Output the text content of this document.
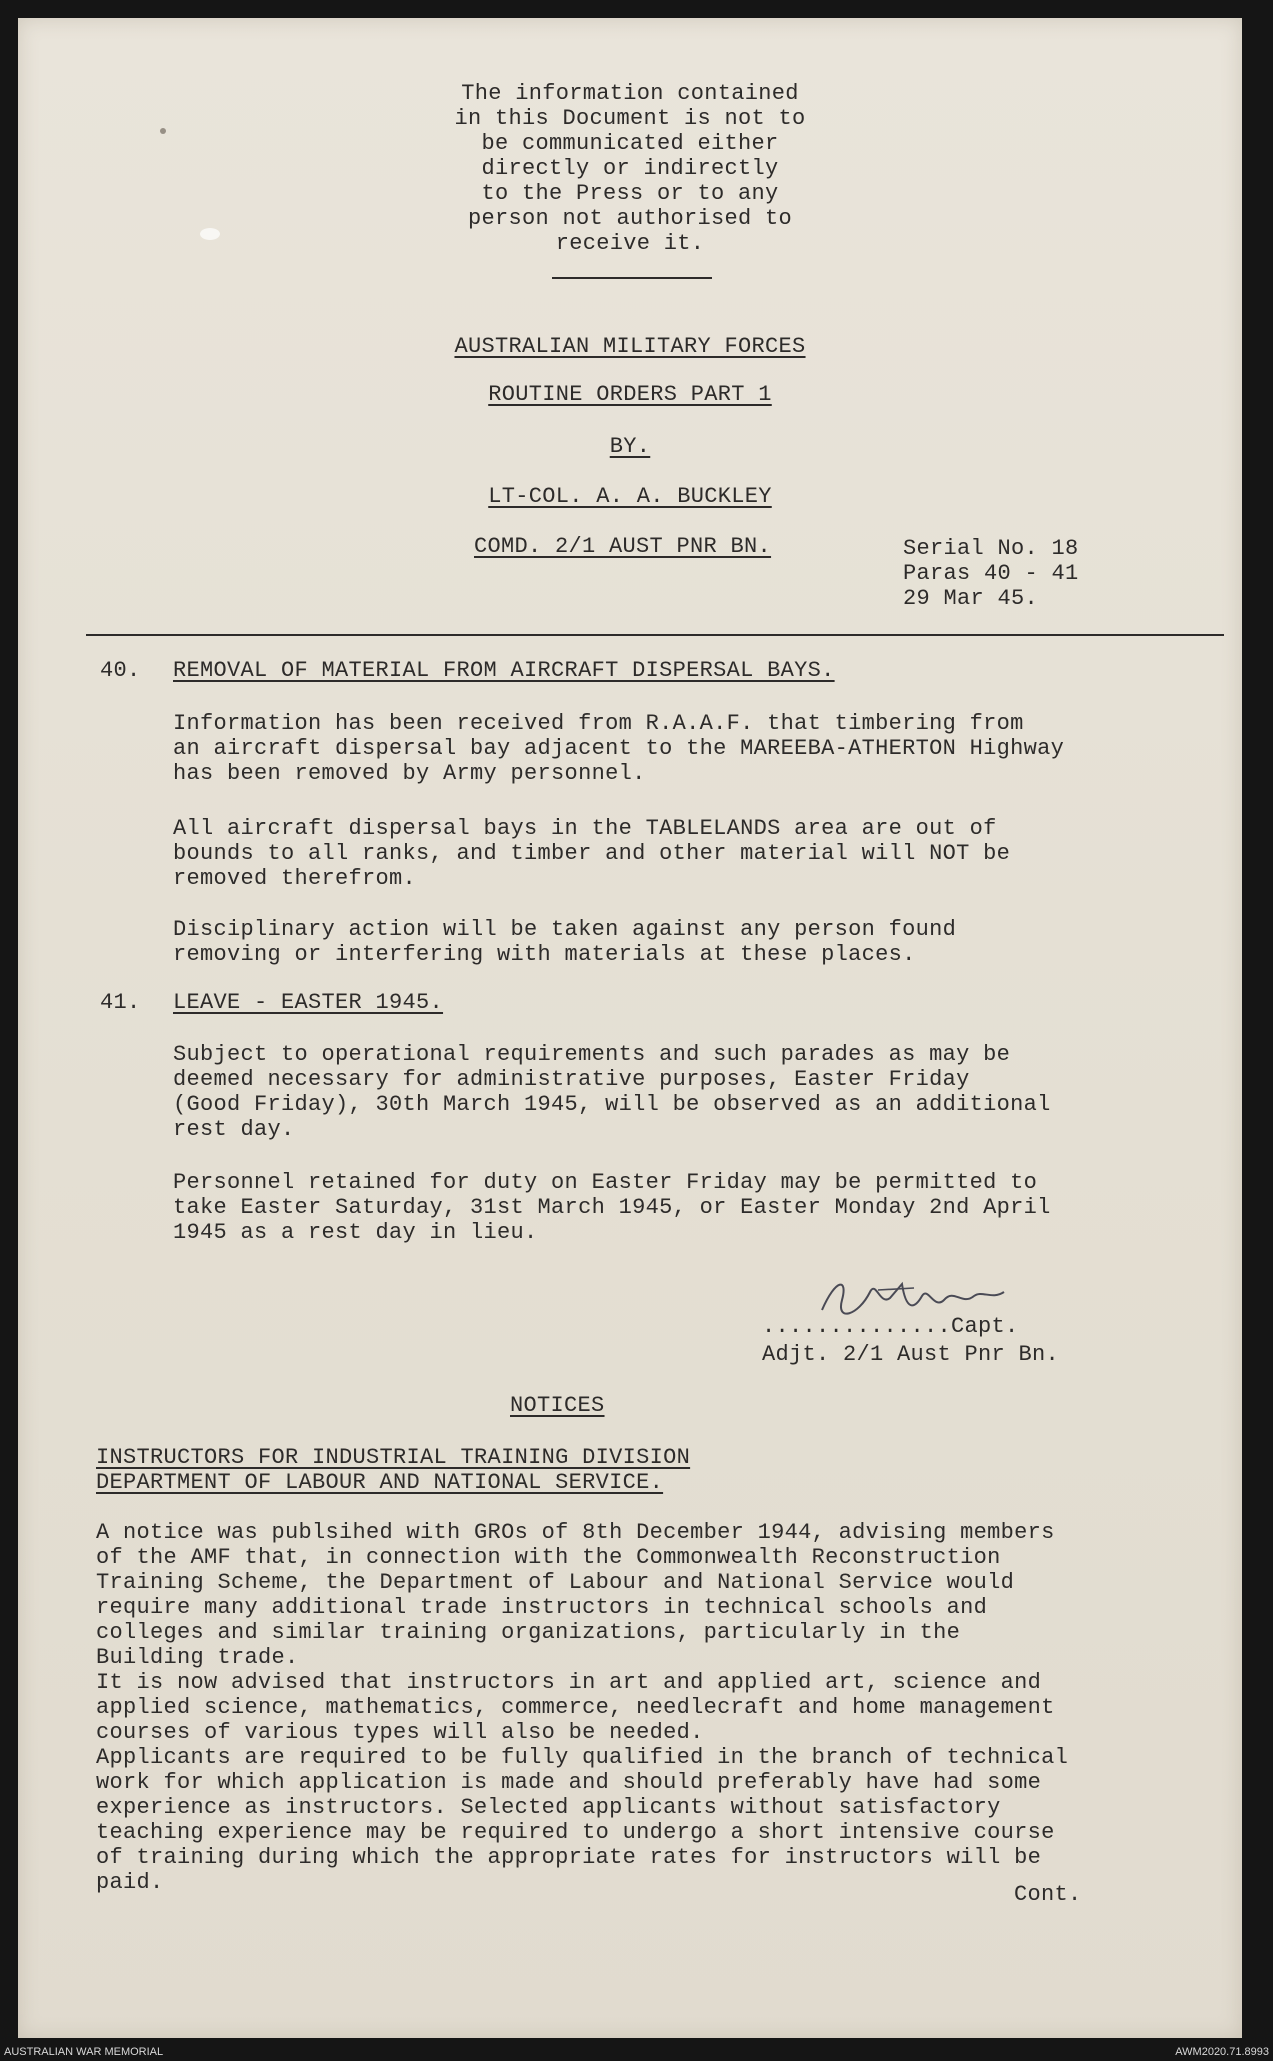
The information contained

in this Document is not to

be communicated either

directly or indirectly

to the Press or to any

person not authorised to

receive it.

AUSTRALIAN MILITARY FORCES

ROUTINE ORDERS PART 1

BY.

LT-COL. A. A. BUCKLEY

COMD. 2/1 AUST PNR BN.	Serial No. 18

Paras 40 - 41

29 Mar 45.

40. REMOVAL OF MATERIAL FROM AIRCRAFT DISPERSAL BAYS.

Information has been received from R.A.A.F. that timbering from

an aircraft dispersal bay adjacent to the MAREEBA-ATHERTON Highway

has been removed by Army personnel.

All aircraft dispersal bays in the TABLELANDS area are out of

bounds to all ranks, and timber and other material will NOT be

removed therefrom.

Disciplinary action will be taken against any person found

removing or interfering with materials at these places.

41. LEAVE - EASTER 1945.

Subject to operational requirements and such parades as may be

deemed necessary for administrative purposes, Easter Friday

(Good Friday), 30th March 1945, will be observed as an additional

rest day.

Personnel retained for duty on Easter Friday may be permitted to

take Easter Saturday, 31st March 1945, or Easter Monday 2nd April

1945 as a rest day in lieu.

..............Capt.

Adjt. 2/1 Aust Pnr Bn.

NOTICES

INSTRUCTORS FOR INDUSTRIAL TRAINING DIVISION

DEPARTMENT OF LABOUR AND NATIONAL SERVICE.

A notice was publsihed with GROs of 8th December 1944, advising members

of the AMF that, in connection with the Commonwealth Reconstruction

Training Scheme, the Department of Labour and National Service would

require many additional trade instructors in technical schools and

colleges and similar training organizations, particularly in the

Building trade.

It is now advised that instructors in art and applied art, science and

applied science, mathematics, commerce, needlecraft and home management

courses of various types will also be needed.

Applicants are required to be fully qualified in the branch of technical

work for which application is made and should preferably have had some

experience as instructors. Selected applicants without satisfactory

teaching experience may be required to undergo a short intensive course

of training during which the appropriate rates for instructors will be

paid.	Cont.

AUSTRALIAN WAR MEMORIAL	AWM2020.71.8993
